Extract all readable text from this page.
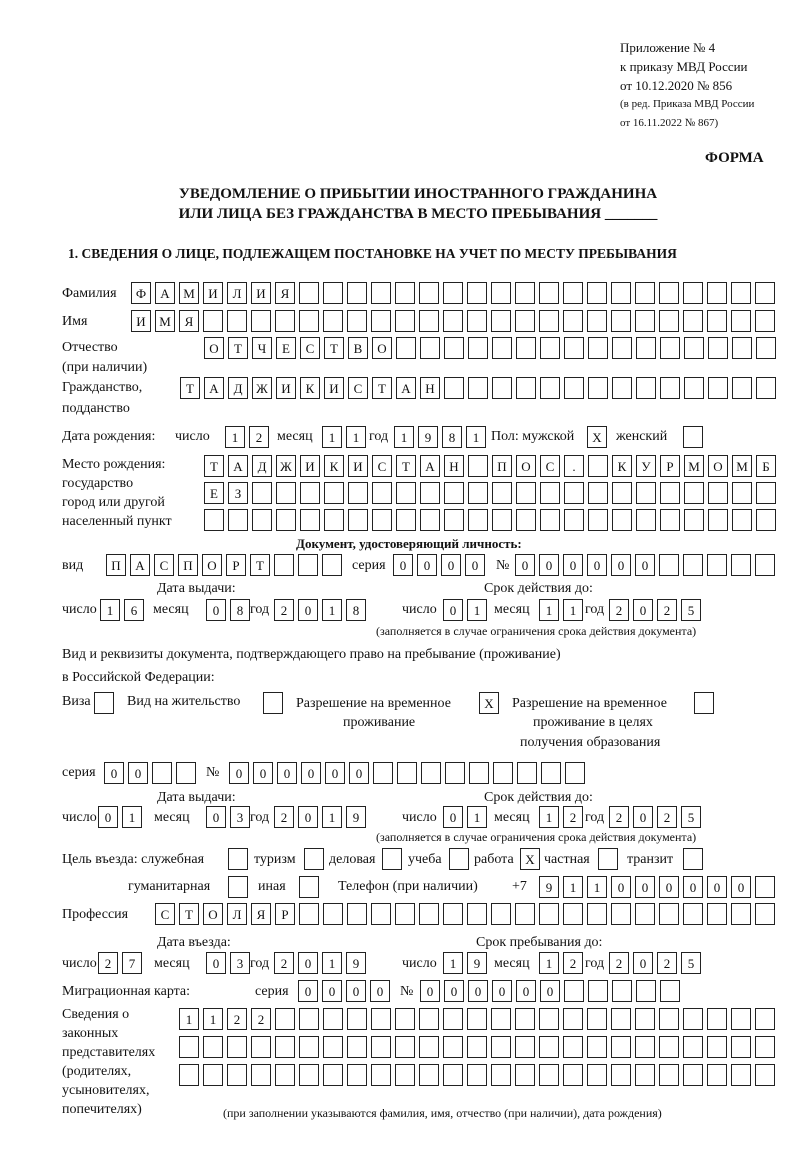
Приложение № 4
к приказу МВД России
от 10.12.2020 № 856
(в ред. Приказа МВД России
от 16.11.2022 № 867)
ФОРМА
УВЕДОМЛЕНИЕ О ПРИБЫТИИ ИНОСТРАННОГО ГРАЖДАНИНА
ИЛИ ЛИЦА БЕЗ ГРАЖДАНСТВА В МЕСТО ПРЕБЫВАНИЯ _______
1. СВЕДЕНИЯ О ЛИЦЕ, ПОДЛЕЖАЩЕМ ПОСТАНОВКЕ НА УЧЕТ ПО МЕСТУ ПРЕБЫВАНИЯ
Фамилия	Ф	А	М	И	Л	И	Я
Имя	И	М	Я
Отчество
(при наличии)
О	Т	Ч	Е	С	Т	В	О
Гражданство,
подданство
Т	А	Д	Ж	И	К	И	С	Т	А	Н
Дата рождения: число	1	2	месяц	1	1 год 1	9	8	1 Пол: мужской	X	женский
Место рождения:
государство
город или другой
населенный пункт
Т	А	Д	Ж	И	К	И	С	Т	А	Н	П	О	С	.	К	У	Р	М	О	М	Б
Е	З
Документ, удостоверяющий личность:
вид	П	А	С	П	О	Р	Т	серия	0	0	0	0	№ 0	0	0	0	0	0
Дата выдачи:	Срок действия до:
число 1	6	месяц	0	8 год 2	0	1	8	число	0	1 месяц	1	1 год 2	0	2	5
(заполняется в случае ограничения срока действия документа)
Вид и реквизиты документа, подтверждающего право на пребывание (проживание)
в Российской Федерации:
Виза	Вид на жительство	Разрешение на временное
проживание
X	Разрешение на временное
проживание в целях
получения образования
серия	0	0	№	0	0	0	0	0	0
Дата выдачи:	Срок действия до:
число 0	1	месяц	0	3 год 2	0	1	9	число	0	1 месяц	1	2 год 2	0	2	5
(заполняется в случае ограничения срока действия документа)
Цель въезда: служебная	туризм деловая учеба работа X частная	транзит
гуманитарная	иная	Телефон (при наличии) +7	9	1	1	0	0	0	0	0	0
Профессия	С	Т	О	Л	Я	Р
Дата въезда:	Срок пребывания до:
число 2	7	месяц	0	3 год 2	0	1	9	число	1	9 месяц	1	2 год 2	0	2	5
Миграционная карта:	серия	0	0	0	0	№	0	0	0	0	0	0
Сведения о
законных
представителях
(родителях,
усыновителях,
попечителях)
1	1	2	2
(при заполнении указываются фамилия, имя, отчество (при наличии), дата рождения)
